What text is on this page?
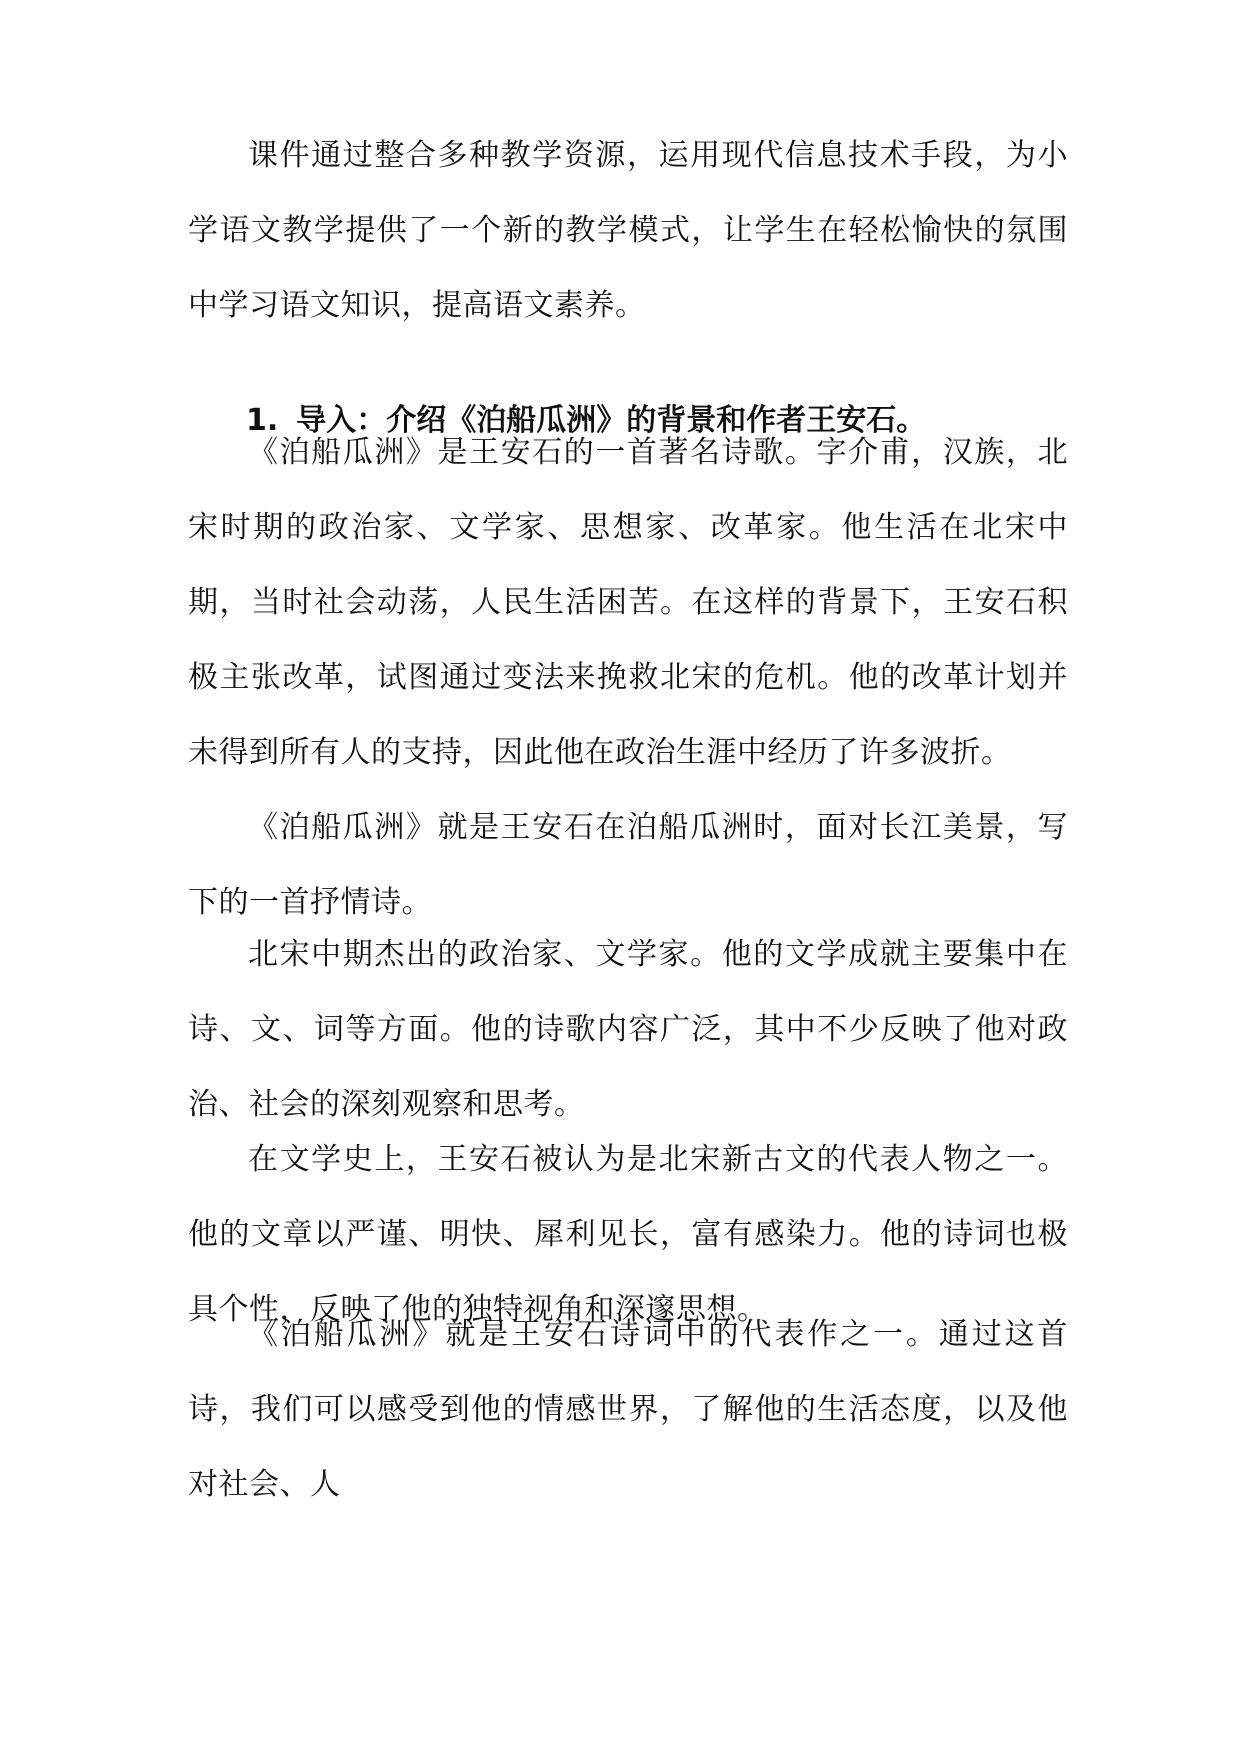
课件通过整合多种教学资源，运用现代信息技术手段，为小学语文教学提供了一个新的教学模式，让学生在轻松愉快的氛围中学习语文知识，提高语文素养。

1. 导入：介绍《泊船瓜洲》的背景和作者王安石。

《泊船瓜洲》是王安石的一首著名诗歌。字介甫，汉族，北宋时期的政治家、文学家、思想家、改革家。他生活在北宋中期，当时社会动荡，人民生活困苦。在这样的背景下，王安石积极主张改革，试图通过变法来挽救北宋的危机。他的改革计划并未得到所有人的支持，因此他在政治生涯中经历了许多波折。

《泊船瓜洲》就是王安石在泊船瓜洲时，面对长江美景，写下的一首抒情诗。

北宋中期杰出的政治家、文学家。他的文学成就主要集中在诗、文、词等方面。他的诗歌内容广泛，其中不少反映了他对政治、社会的深刻观察和思考。

在文学史上，王安石被认为是北宋新古文的代表人物之一。他的文章以严谨、明快、犀利见长，富有感染力。他的诗词也极具个性，反映了他的独特视角和深邃思想。

《泊船瓜洲》就是王安石诗词中的代表作之一。通过这首诗，我们可以感受到他的情感世界，了解他的生活态度，以及他对社会、人
